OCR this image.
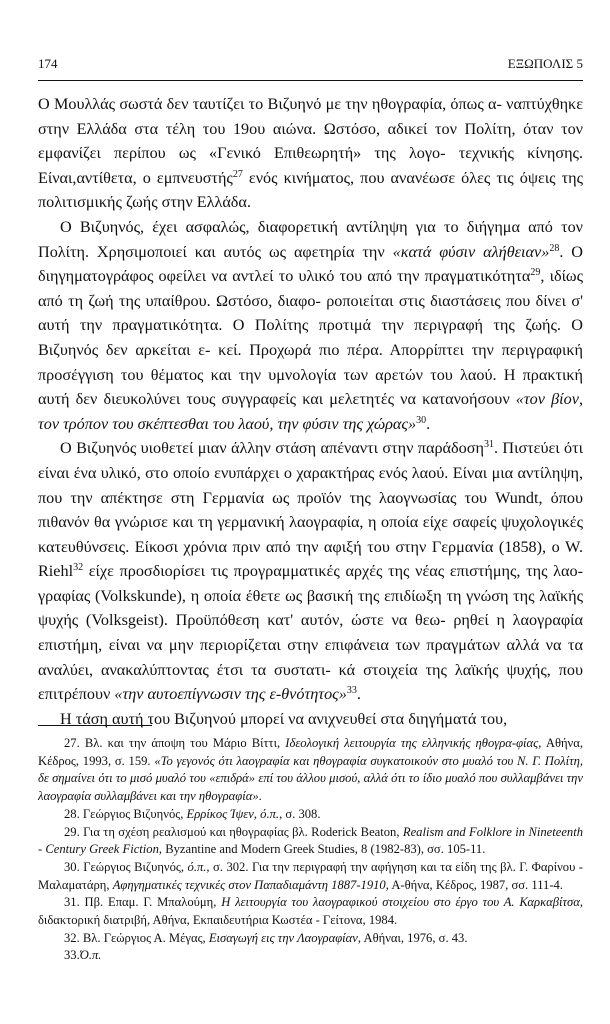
174	ΕΞΩΠΟΛΙΣ 5

Ο Μουλλάς σωστά δεν ταυτίζει το Βιζυηνό με την ηθογραφία, όπως α- ναπτύχθηκε στην Ελλάδα στα τέλη του 19ου αιώνα. Ωστόσο, αδικεί τον Πολίτη, όταν τον εμφανίζει περίπου ως «Γενικό Επιθεωρητή» της λογο- τεχνικής κίνησης. Είναι,αντίθετα, ο εμπνευστής$^{27}$ ενός κινήματος, που ανανέωσε όλες τις όψεις της πολιτισμικής ζωής στην Ελλάδα.

Ο Βιζυηνός, έχει ασφαλώς, διαφορετική αντίληψη για το διήγημα από τον Πολίτη. Χρησιμοποιεί και αυτός ως αφετηρία την «κατά φύσιν αλήθειαν»$^{28}$. Ο διηγηματογράφος οφείλει να αντλεί το υλικό του από την πραγματικότητα$^{29}$, ιδίως από τη ζωή της υπαίθρου. Ωστόσο, διαφο- ροποιείται στις διαστάσεις που δίνει σ' αυτή την πραγματικότητα. Ο Πολίτης προτιμά την περιγραφή της ζωής. Ο Βιζυηνός δεν αρκείται ε- κεί. Προχωρά πιο πέρα. Απορρίπτει την περιγραφική προσέγγιση του θέματος και την υμνολογία των αρετών του λαού. Η πρακτική αυτή δεν διευκολύνει τους συγγραφείς και μελετητές να κατανοήσουν «τον βίον, τον τρόπον του σκέπτεσθαι του λαού, την φύσιν της χώρας»$^{30}$.

Ο Βιζυηνός υιοθετεί μιαν άλλην στάση απέναντι στην παράδοση$^{31}$. Πιστεύει ότι είναι ένα υλικό, στο οποίο ενυπάρχει ο χαρακτήρας ενός λαού. Είναι μια αντίληψη, που την απέκτησε στη Γερμανία ως προϊόν της λαογνωσίας του Wundt, όπου πιθανόν θα γνώρισε και τη γερμανική λαογραφία, η οποία είχε σαφείς ψυχολογικές κατευθύνσεις. Είκοσι χρόνια πριν από την αφιξή του στην Γερμανία (1858), ο W. Riehl$^{32}$ είχε προσδιορίσει τις προγραμματικές αρχές της νέας επιστήμης, της λαο- γραφίας (Volkskunde), η οποία έθετε ως βασική της επιδίωξη τη γνώση της λαϊκής ψυχής (Volksgeist). Προϋπόθεση κατ' αυτόν, ώστε να θεω- ρηθεί η λαογραφία επιστήμη, είναι να μην περιορίζεται στην επιφάνεια των πραγμάτων αλλά να τα αναλύει, ανακαλύπτοντας έτσι τα συστατι- κά στοιχεία της λαϊκής ψυχής, που επιτρέπουν «την αυτοεπίγνωσιν της ε-θνότητος»$^{33}$.

Η τάση αυτή του Βιζυηνού μπορεί να ανιχνευθεί στα διηγήματά του,

27. Βλ. και την άποψη του Μάριο Βίττι, Ιδεολογική λειτουργία της ελληνικής ηθογρα-φίας, Αθήνα, Κέδρος, 1993, σ. 159. «Το γεγονός ότι λαογραφία και ηθογραφία συγκατοικούν στο μυαλό του Ν. Γ. Πολίτη, δε σημαίνει ότι το μισό μυαλό του «επιδρά» επί του άλλου μισού, αλλά ότι το ίδιο μυαλό που συλλαμβάνει την λαογραφία συλλαμβάνει και την ηθογραφία».

28. Γεώργιος Βιζυηνός, Ερρίκος Ίψεν, ό.π., σ. 308.

29. Για τη σχέση ρεαλισμού και ηθογραφίας βλ. Roderick Beaton, Realism and Folklore in Nineteenth - Century Greek Fiction, Byzantine and Modern Greek Studies, 8 (1982-83), σσ. 105-11.

30. Γεώργιος Βιζυηνός, ό.π., σ. 302. Για την περιγραφή την αφήγηση και τα είδη της βλ. Γ. Φαρίνου - Μαλαματάρη, Αφηγηματικές τεχνικές στον Παπαδιαμάντη 1887-1910, Α-θήνα, Κέδρος, 1987, σσ. 111-4.

31. Πβ. Επαμ. Γ. Μπαλούμη, Η λειτουργία του λαογραφικού στοιχείου στο έργο του Α. Καρκαβίτσα, διδακτορική διατριβή, Αθήνα, Εκπαιδευτήρια Κωστέα - Γείτονα, 1984.

32. Βλ. Γεώργιος Α. Μέγας, Εισαγωγή εις την Λαογραφίαν, Αθήναι, 1976, σ. 43.

33.Ό.π.
